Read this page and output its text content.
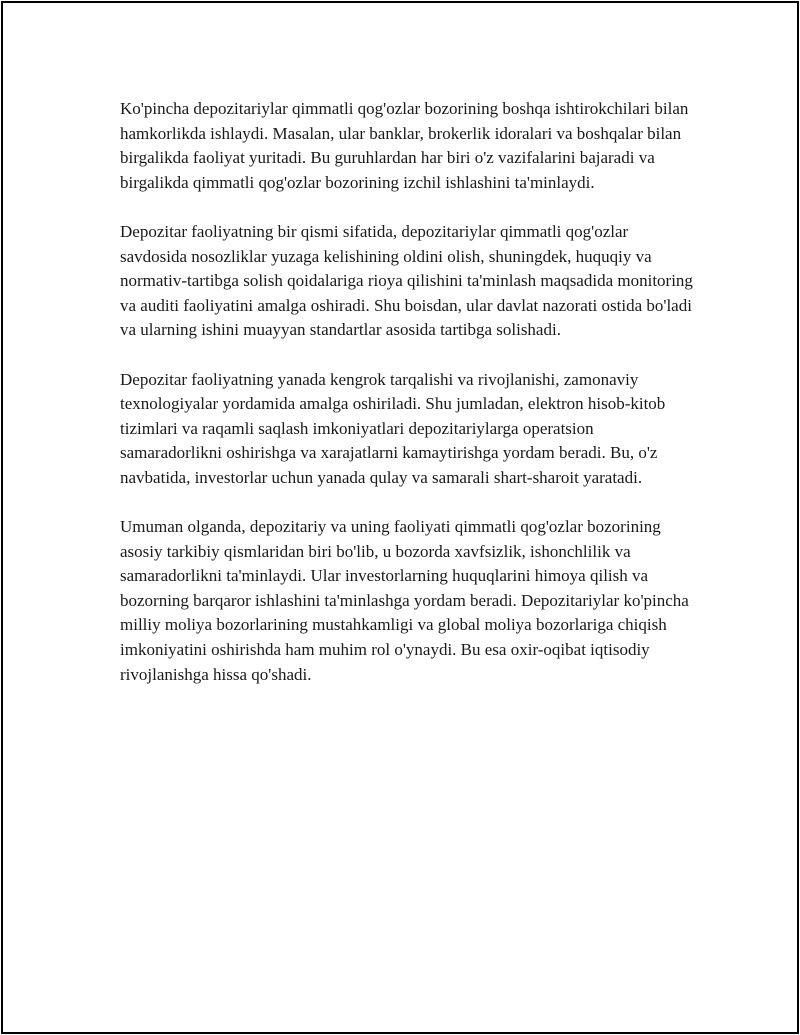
Ko'pincha depozitariylar qimmatli qog'ozlar bozorining boshqa ishtirokchilari bilan hamkorlikda ishlaydi. Masalan, ular banklar, brokerlik idoralari va boshqalar bilan birgalikda faoliyat yuritadi. Bu guruhlardan har biri o'z vazifalarini bajaradi va birgalikda qimmatli qog'ozlar bozorining izchil ishlashini ta'minlaydi.

Depozitar faoliyatning bir qismi sifatida, depozitariylar qimmatli qog'ozlar savdosida nosozliklar yuzaga kelishining oldini olish, shuningdek, huquqiy va normativ-tartibga solish qoidalariga rioya qilishini ta'minlash maqsadida monitoring va auditi faoliyatini amalga oshiradi. Shu boisdan, ular davlat nazorati ostida bo'ladi va ularning ishini muayyan standartlar asosida tartibga solishadi.

Depozitar faoliyatning yanada kengrok tarqalishi va rivojlanishi, zamonaviy texnologiyalar yordamida amalga oshiriladi. Shu jumladan, elektron hisob-kitob tizimlari va raqamli saqlash imkoniyatlari depozitariylarga operatsion samaradorlikni oshirishga va xarajatlarni kamaytirishga yordam beradi. Bu, o'z navbatida, investorlar uchun yanada qulay va samarali shart-sharoit yaratadi.

Umuman olganda, depozitariy va uning faoliyati qimmatli qog'ozlar bozorining asosiy tarkibiy qismlaridan biri bo'lib, u bozorda xavfsizlik, ishonchlilik va samaradorlikni ta'minlaydi. Ular investorlarning huquqlarini himoya qilish va bozorning barqaror ishlashini ta'minlashga yordam beradi. Depozitariylar ko'pincha milliy moliya bozorlarining mustahkamligi va global moliya bozorlariga chiqish imkoniyatini oshirishda ham muhim rol o'ynaydi. Bu esa oxir-oqibat iqtisodiy rivojlanishga hissa qo'shadi.
